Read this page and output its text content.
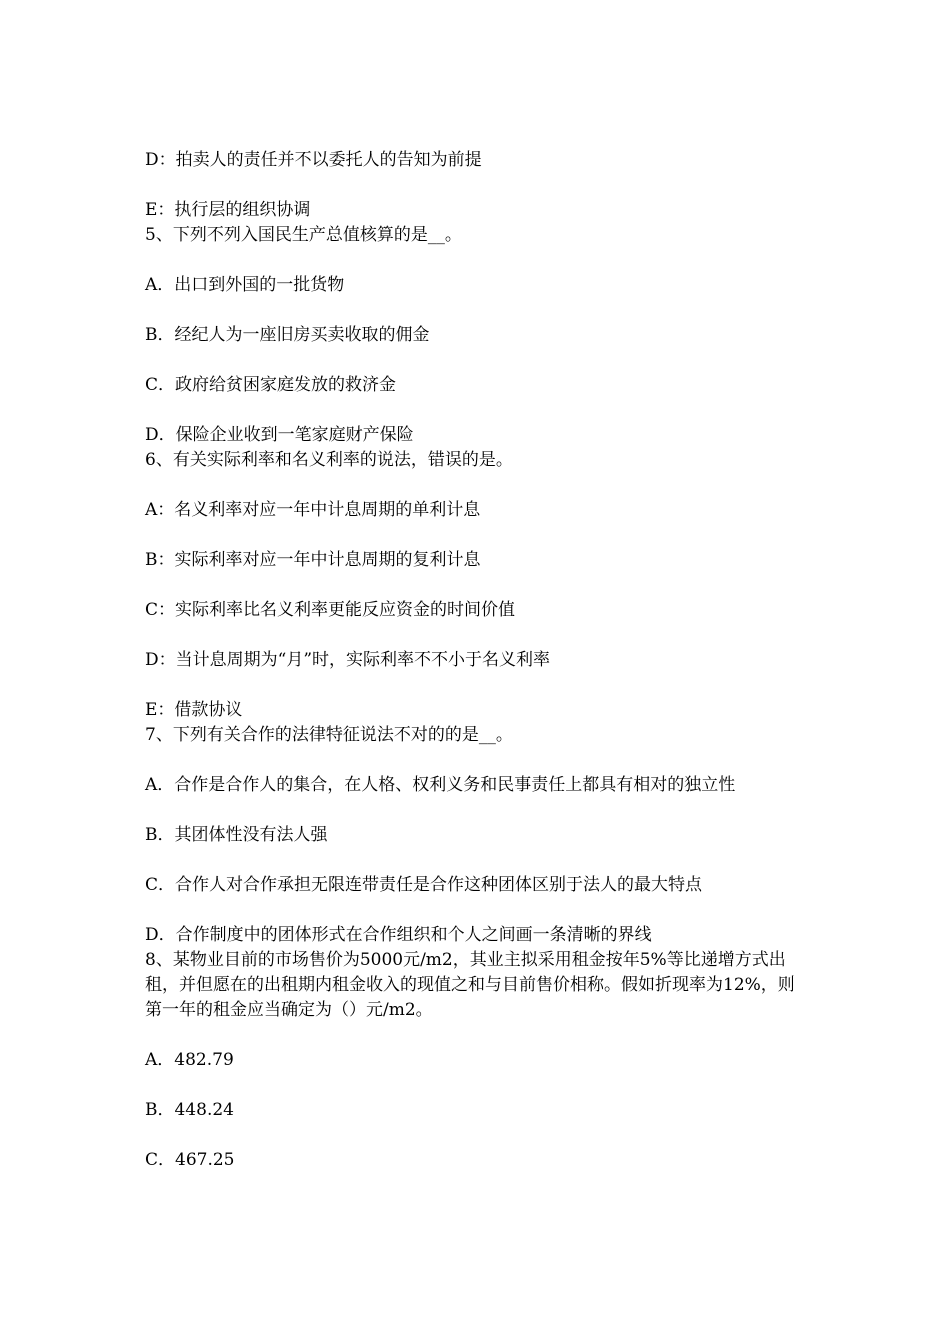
D：拍卖人的责任并不以委托人的告知为前提

E：执行层的组织协调

5、下列不列入国民生产总值核算的是__。

A．出口到外国的一批货物

B．经纪人为一座旧房买卖收取的佣金

C．政府给贫困家庭发放的救济金

D．保险企业收到一笔家庭财产保险

6、有关实际利率和名义利率的说法，错误的是。

A：名义利率对应一年中计息周期的单利计息

B：实际利率对应一年中计息周期的复利计息

C：实际利率比名义利率更能反应资金的时间价值

D：当计息周期为“月”时，实际利率不不小于名义利率

E：借款协议

7、下列有关合作的法律特征说法不对的的是__。

A．合作是合作人的集合，在人格、权利义务和民事责任上都具有相对的独立性

B．其团体性没有法人强

C．合作人对合作承担无限连带责任是合作这种团体区别于法人的最大特点

D．合作制度中的团体形式在合作组织和个人之间画一条清晰的界线

8、某物业目前的市场售价为5000元/m2，其业主拟采用租金按年5%等比递增方式出租，并但愿在的出租期内租金收入的现值之和与目前售价相称。假如折现率为12%，则第一年的租金应当确定为（）元/m2。

A．482.79

B．448.24

C．467.25
